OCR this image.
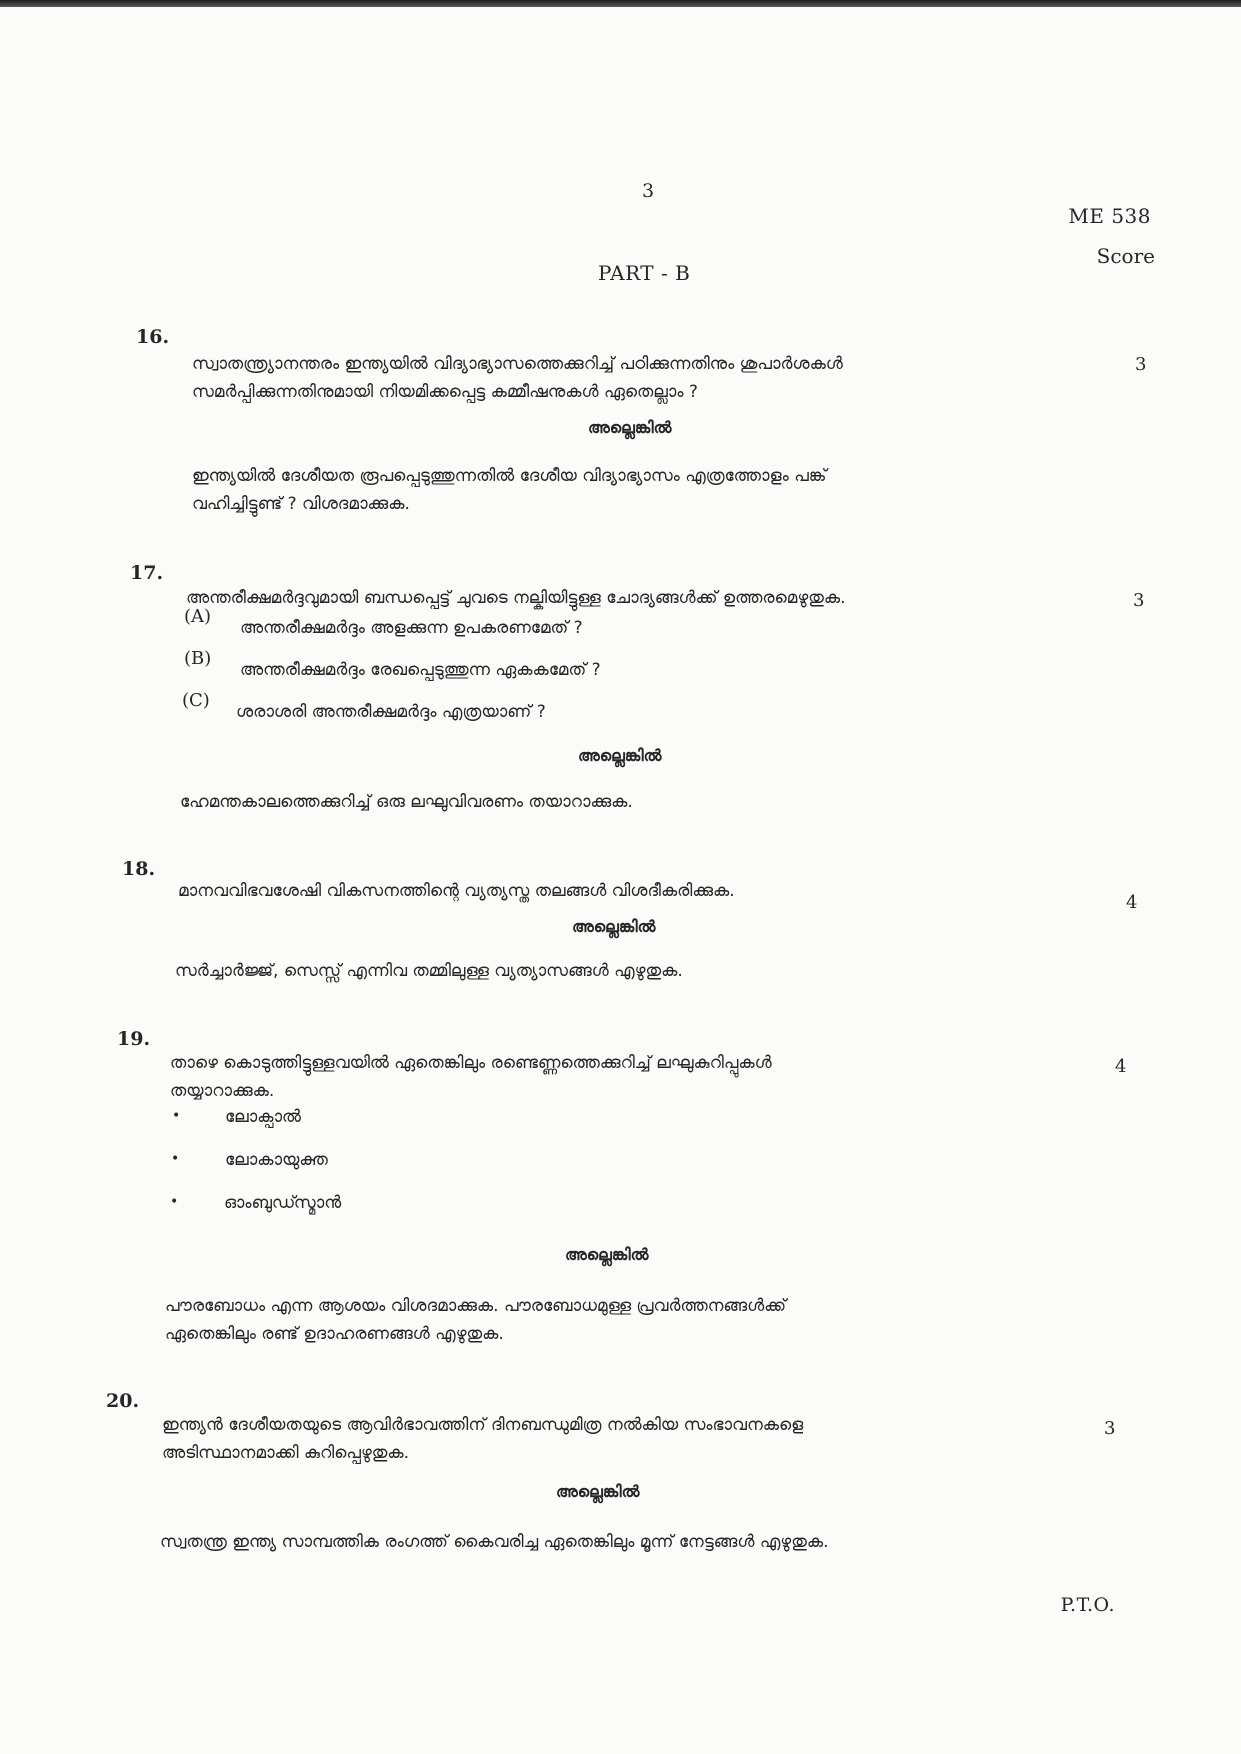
3
ME 538
Score
PART - B
16.
സ്വാതന്ത്ര്യാനന്തരം ഇന്ത്യയിൽ വിദ്യാഭ്യാസത്തെക്കുറിച്ച് പഠിക്കുന്നതിനും ശുപാർശകൾ
സമർപ്പിക്കുന്നതിനുമായി നിയമിക്കപ്പെട്ട കമ്മീഷനുകൾ ഏതെല്ലാം ?
3
അല്ലെങ്കിൽ
ഇന്ത്യയിൽ ദേശീയത രൂപപ്പെടുത്തുന്നതിൽ ദേശീയ വിദ്യാഭ്യാസം എത്രത്തോളം പങ്ക്
വഹിച്ചിട്ടുണ്ട് ? വിശദമാക്കുക.
17.
അന്തരീക്ഷമർദ്ദവുമായി ബന്ധപ്പെട്ട് ചുവടെ നല്കിയിട്ടുള്ള ചോദ്യങ്ങൾക്ക് ഉത്തരമെഴുതുക.	3
(A)
അന്തരീക്ഷമർദ്ദം അളക്കുന്ന ഉപകരണമേത് ?
(B)
അന്തരീക്ഷമർദ്ദം രേഖപ്പെടുത്തുന്ന ഏകകമേത് ?
(C)
ശരാശരി അന്തരീക്ഷമർദ്ദം എത്രയാണ് ?
അല്ലെങ്കിൽ
ഹേമന്തകാലത്തെക്കുറിച്ച് ഒരു ലഘുവിവരണം തയാറാക്കുക.
18.
മാനവവിഭവശേഷി വികസനത്തിന്റെ വ്യത്യസ്ത തലങ്ങൾ വിശദീകരിക്കുക.
4
അല്ലെങ്കിൽ
സർച്ചാർജ്ജ്, സെസ്സ് എന്നിവ തമ്മിലുള്ള വ്യത്യാസങ്ങൾ എഴുതുക.
19.
താഴെ കൊടുത്തിട്ടുള്ളവയിൽ ഏതെങ്കിലും രണ്ടെണ്ണത്തെക്കുറിച്ച് ലഘുകുറിപ്പുകൾ
തയ്യാറാക്കുക.
4
•	ലോക്പാൽ
•	ലോകായുക്ത
•	ഓംബുഡ്സ്മാൻ
അല്ലെങ്കിൽ
പൗരബോധം എന്ന ആശയം വിശദമാക്കുക. പൗരബോധമുള്ള പ്രവർത്തനങ്ങൾക്ക്
ഏതെങ്കിലും രണ്ട് ഉദാഹരണങ്ങൾ എഴുതുക.
20.
ഇന്ത്യൻ ദേശീയതയുടെ ആവിർഭാവത്തിന് ദിനബന്ധുമിത്ര നൽകിയ സംഭാവനകളെ
അടിസ്ഥാനമാക്കി കുറിപ്പെഴുതുക.
3
അല്ലെങ്കിൽ
സ്വതന്ത്ര ഇന്ത്യ സാമ്പത്തിക രംഗത്ത് കൈവരിച്ച ഏതെങ്കിലും മൂന്ന് നേട്ടങ്ങൾ എഴുതുക.
P.T.O.
